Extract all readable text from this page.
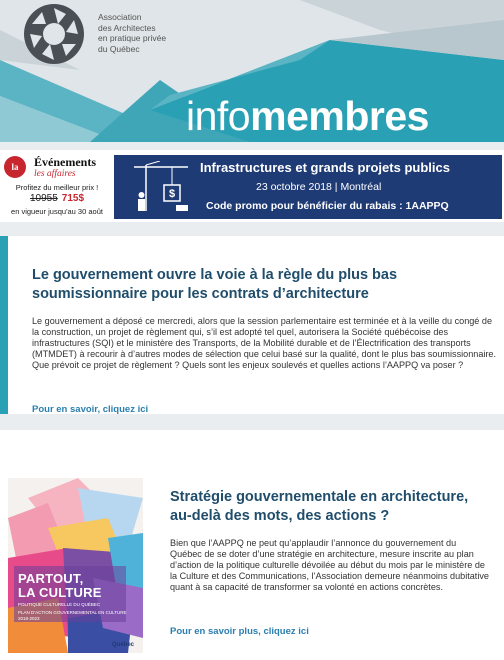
Association
des Architectes
en pratique privée
du Québec
infomembres
la	Événements
les affaires
Profitez du meilleur prix !
10955 715$
en vigueur jusqu'au 30 août
$
Infrastructures et grands projets publics
23 octobre 2018 | Montréal
Code promo pour bénéficier du rabais : 1AAPPQ
Le gouvernement ouvre la voie à la règle du plus bas soumissionnaire pour les contrats d’architecture
Le gouvernement a déposé ce mercredi, alors que la session parlementaire est terminée et à la veille du congé de la construction, un projet de règlement qui, s’il est adopté tel quel, autorisera la Société québécoise des infrastructures (SQI) et le ministère des Transports, de la Mobilité durable et de l’Électrification des transports (MTMDET) à recourir à d’autres modes de sélection que celui basé sur la qualité, dont le plus bas soumissionnaire.
Que prévoit ce projet de règlement ? Quels sont les enjeux soulevés et quelles actions l’AAPPQ va poser ?
Pour en savoir, cliquez ici
PARTOUT,
LA CULTURE
POLITIQUE CULTURELLE DU QUÉBEC
PLAN D'ACTION GOUVERNEMENTAL EN CULTURE 2018-2023
Québec
Stratégie gouvernementale en architecture, au-delà des mots, des actions ?
Bien que l’AAPPQ ne peut qu’applaudir l’annonce du gouvernement du Québec de se doter d’une stratégie en architecture, mesure inscrite au plan d’action de la politique culturelle dévoilée au début du mois par le ministère de la Culture et des Communications, l’Association demeure néanmoins dubitative quant à sa capacité de transformer sa volonté en actions concrètes.
Pour en savoir plus, cliquez ici
